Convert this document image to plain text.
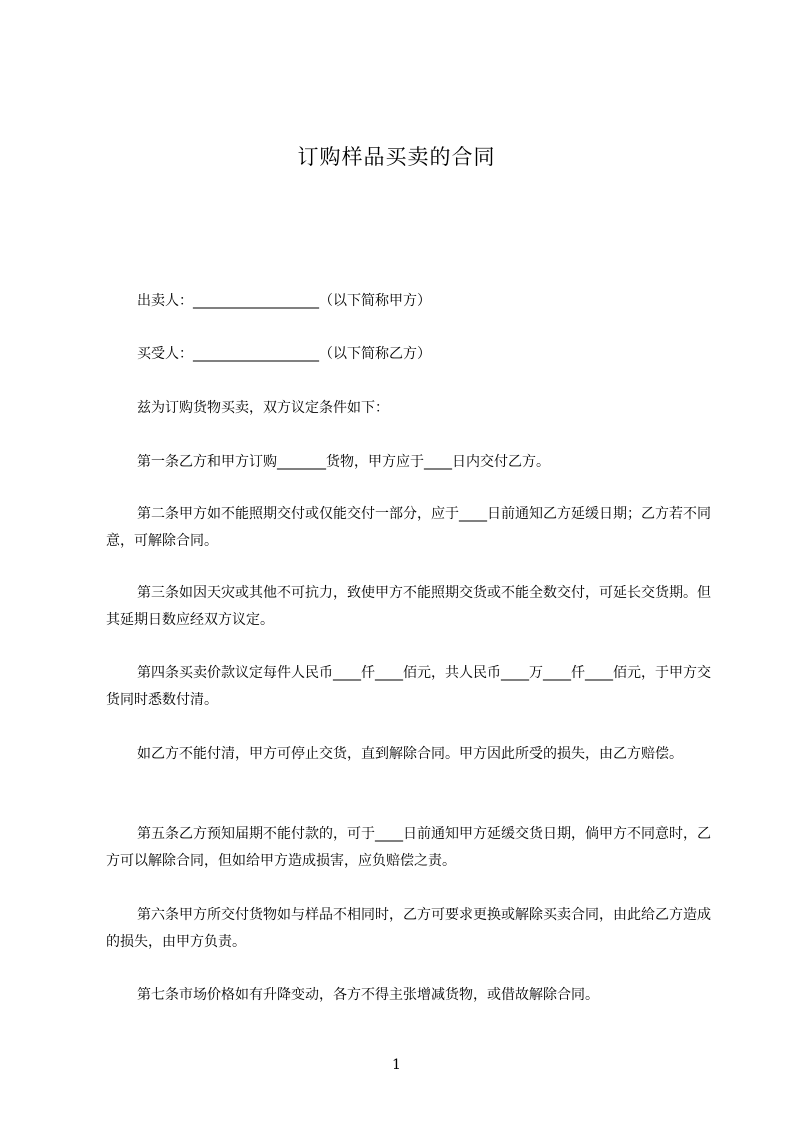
订购样品买卖的合同
出卖人：__________________（以下简称甲方）
买受人：__________________（以下简称乙方）
兹为订购货物买卖，双方议定条件如下：
第一条乙方和甲方订购_______货物，甲方应于____日内交付乙方。
第二条甲方如不能照期交付或仅能交付一部分，应于____日前通知乙方延缓日期；乙方若不同意，可解除合同。
第三条如因天灾或其他不可抗力，致使甲方不能照期交货或不能全数交付，可延长交货期。但其延期日数应经双方议定。
第四条买卖价款议定每件人民币____仟____佰元，共人民币____万____仟____佰元，于甲方交货同时悉数付清。
如乙方不能付清，甲方可停止交货，直到解除合同。甲方因此所受的损失，由乙方赔偿。
第五条乙方预知届期不能付款的，可于____日前通知甲方延缓交货日期，倘甲方不同意时，乙方可以解除合同，但如给甲方造成损害，应负赔偿之责。
第六条甲方所交付货物如与样品不相同时，乙方可要求更换或解除买卖合同，由此给乙方造成的损失，由甲方负责。
第七条市场价格如有升降变动，各方不得主张增减货物，或借故解除合同。
1
